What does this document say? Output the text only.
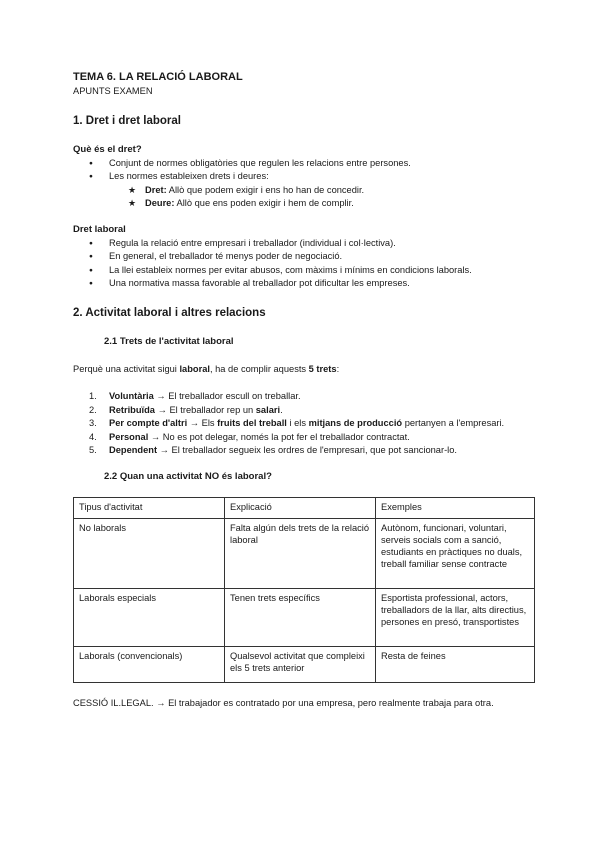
TEMA 6. LA RELACIÓ LABORAL

APUNTS EXAMEN

1. Dret i dret laboral
Què és el dret?
● Conjunt de normes obligatòries que regulen les relacions entre persones.
● Les normes estableixen drets i deures:
★ Dret: Allò que podem exigir i ens ho han de concedir.
★ Deure: Allò que ens poden exigir i hem de complir.
Dret laboral
● Regula la relació entre empresari i treballador (individual i col·lectiva).
● En general, el treballador té menys poder de negociació.
● La llei estableix normes per evitar abusos, com màxims i mínims en condicions laborals.
● Una normativa massa favorable al treballador pot dificultar les empreses.
2. Activitat laboral i altres relacions
2.1 Trets de l'activitat laboral

Perquè una activitat sigui laboral, ha de complir aquests 5 trets:

1. Voluntària → El treballador escull on treballar.
2. Retribuïda → El treballador rep un salari.
3. Per compte d'altri → Els fruits del treball i els mitjans de producció pertanyen a l'empresari.
4. Personal → No es pot delegar, només la pot fer el treballador contractat.
5. Dependent → El treballador segueix les ordres de l'empresari, que pot sancionar-lo.
2.2 Quan una activitat NO és laboral?
Tipus d'activitat	Explicació	Exemples
No laborals	Falta algún dels trets de la relació laboral	Autònom, funcionari, voluntari, serveis socials com a sanció, estudiants en pràctiques no duals, treball familiar sense contracte
Laborals especials	Tenen trets específics	Esportista professional, actors, treballadors de la llar, alts directius, persones en presó, transportistes
Laborals (convencionals)	Qualsevol activitat que compleixi els 5 trets anterior	Resta de feines

CESSIÓ IL.LEGAL. → El trabajador es contratado por una empresa, pero realmente trabaja para otra.
